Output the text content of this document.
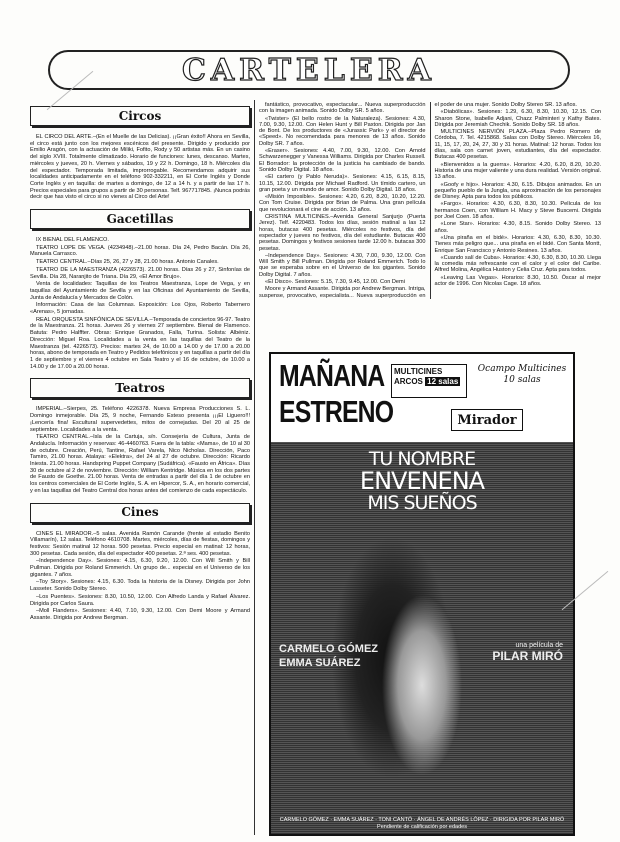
CARTELERA
Circos

EL CIRCO DEL ARTE.–(En el Muelle de las Delicias). ¡¡Gran éxito!! Ahora en Sevilla, el circo está junto con los mejores escénicos del presente. Dirigido y producido por Emilio Aragón, con la actuación de Miliki, Fofito, Rody y 50 artistas más. En un casino del siglo XVIII. Totalmente climatizado. Horario de funciones: lunes, descanso. Martes, miércoles y jueves, 20 h. Viernes y sábados, 19 y 22 h. Domingo, 18 h. Miércoles día del espectador. Temporada limitada, improrrogable. Recomendamos adquirir sus localidades anticipadamente en el teléfono 902-332211, en El Corte Inglés y Donde Corte Inglés y en taquilla: de martes a domingo, de 12 a 14 h. y a partir de las 17 h. Precios especiales para grupos a partir de 30 personas. Telf. 967717845. ¡Nunca podrás decir que has visto el circo si no vienes al Circo del Arte!

Gacetillas

IX BIENAL DEL FLAMENCO.

TEATRO LOPE DE VEGA. (4234948).–21.00 horas. Día 24, Pedro Bacán. Día 26, Manuela Carrasco.

TEATRO CENTRAL.–Días 25, 26, 27 y 28, 21.00 horas. Antonio Canales.

TEATRO DE LA MAESTRANZA (4226573). 21.00 horas. Días 26 y 27, Sinfonías de Sevilla. Día 28, Naranjito de Triana. Día 29, «El Amor Brujo».

Venta de localidades: Taquillas de los Teatros Maestranza, Lope de Vega, y en taquillas del Ayuntamiento de Sevilla y en las Oficinas del Ayuntamiento de Sevilla, Junta de Andalucía y Mercados de Colón.

Información: Casa de las Columnas. Exposición: Los Ojos, Roberto Tabernero «Arenas», 5 jornadas.

REAL ORQUESTA SINFÓNICA DE SEVILLA.–Temporada de conciertos 96-97. Teatro de la Maestranza. 21 horas. Jueves 26 y viernes 27 septiembre. Bienal de Flamenco. Batuta: Pedro Halffter. Obras: Enrique Granados, Falla, Turina. Solista: Albéniz. Dirección: Miguel Roa. Localidades a la venta en las taquillas del Teatro de la Maestranza (tel. 4226573). Precios: martes 24, de 10.00 a 14.00 y de 17.00 a 20.00 horas, abono de temporada en Teatro y Pedidos telefónicos y en taquillas a partir del día 1 de septiembre y el viernes 4 octubre en Sala Teatro y el 16 de octubre, de 10.00 a 14.00 y de 17.00 a 20.00 horas.

Teatros

IMPERIAL.–Sierpes, 25. Teléfono 4226378. Nueva Empresa Producciones S. L. Domingo inmejorable. Día 25, 9 noche, Fernando Esteso presenta ¡¡¡El Liguero!!! ¡Lencería fina! Escultural supervedettes, mitos de cornejadas. Del 20 al 25 de septiembre. Localidades a la venta.

TEATRO CENTRAL.–Isla de la Cartuja, s/n. Consejería de Cultura, Junta de Andalucía. Información y reservas: 46-4460763. Fuera de la tabla: «Mama», de 10 al 30 de octubre. Creación, Perú, Tantine, Rafael Varela, Nico Nicholas. Dirección, Paco Tamiro, 21.00 horas. Atalaya: «Elektra», del 24 al 27 de octubre. Dirección: Ricardo Iniesta. 21.00 horas. Handspring Puppet Company (Sudáfrica). «Fausto en África». Días 30 de octubre al 2 de noviembre. Dirección: William Kentridge. Música en los dos partes de Fausto de Goethe. 21.00 horas. Venta de entradas a partir del día 1 de octubre en los centros comerciales de El Corte Inglés, S. A. en Hipercor, S. A., en horario comercial, y en las taquillas del Teatro Central dos horas antes del comienzo de cada espectáculo.

Cines

CINES EL MIRADOR.–5 salas. Avenida Ramón Carande (frente al estadio Benito Villamarín), 12 salas. Teléfono 4610708. Martes, miércoles, días de fiestas, domingos y festivos: Sesión matinal 12 horas. 500 pesetas. Precio especial en matinal: 12 horas, 300 pesetas. Cada sesión, día del espectador 400 pesetas. 2.ª ses. 400 pesetas.

–Independence Day». Sesiones: 4.15, 6.30, 9.20, 12.00. Con Will Smith y Bill Pullman. Dirigida por Roland Emmerich. Un grupo de... especial en el Universo de los gigantes. 7 años.

–Toy Story». Sesiones: 4.15, 6.30. Toda la historia de la Disney. Dirigida por John Lasseter. Sonido Dolby Stereo.

–Los Puentes». Sesiones: 8.30, 10.50, 12.00. Con Alfredo Landa y Rafael Álvarez. Dirigida por Carlos Saura.

–Moll Flanders». Sesiones: 4.40, 7.10, 9.30, 12.00. Con Demi Moore y Armand Assante. Dirigida por Andrew Bergman.

fantástico, provocativo, espectacular... Nueva superproducción con la imagen animada. Sonido Dolby SR. 5 años.

«Twister» (El bello rostro de la Naturaleza). Sesiones: 4.30, 7.00, 9.30, 12.00. Con Helen Hunt y Bill Paxton. Dirigida por Jan de Bont. De los productores de «Jurassic Park» y el director de «Speed». No recomendada para menores de 13 años. Sonido Dolby SR. 7 años.

«Eraser». Sesiones: 4.40, 7.00, 9.30, 12.00. Con Arnold Schwarzenegger y Vanessa Williams. Dirigida por Charles Russell. El Borrador: la protección de la justicia ha cambiado de bando. Sonido Dolby Digital. 18 años.

«El cartero (y Pablo Neruda)». Sesiones: 4.15, 6.15, 8.15, 10.15, 12.00. Dirigida por Michael Radford. Un tímido cartero, un gran poeta y un mundo de amor. Sonido Dolby Digital. 18 años.

«Misión Imposible». Sesiones: 4.20, 6.20, 8.20, 10.20, 12.20. Con Tom Cruise. Dirigida por Brian de Palma. Una gran película que revolucionará el cine de acción. 13 años.

CRISTINA MULTICINES.–Avenida General Sanjurjo (Puerta Jerez). Telf. 4220483. Todos los días, sesión matinal a las 12 horas, butacas 400 pesetas. Miércoles no festivos, día del espectador y jueves no festivos, día del estudiante. Butacas 400 pesetas. Domingos y festivos sesiones tarde 12.00 h. butacas 300 pesetas.

–Independence Day». Sesiones: 4.30, 7.00, 9.30, 12.00. Con Will Smith y Bill Pullman. Dirigida por Roland Emmerich. Todo lo que se esperaba sobre en el Universo de los gigantes. Sonido Dolby Digital. 7 años.

«El Disco». Sesiones: 5.15, 7.30, 9.45, 12.00. Con Demi

Moore y Armand Assante. Dirigida por Andrew Bergman. Intriga, suspense, provocativo, especialista... Nueva superproducción en el poder de una mujer. Sonido Dolby Stereo SR. 13 años.

«Diabólicas». Sesiones: 1.29, 6.30, 8.30, 10.30, 12.15. Con Sharon Stone, Isabelle Adjani, Chazz Palminteri y Kathy Bates. Dirigida por Jeremiah Chechik. Sonido Dolby SR. 18 años.

MULTICINES NERVIÓN PLAZA.–Plaza Pedro Romero de Córdoba, 7. Tel. 4215868. Salas con Dolby Stereo. Miércoles 16, 11, 15, 17, 20, 24, 27, 30 y 31 horas. Matinal: 12 horas. Todos los días, sala con carnet joven, estudiantes, día del espectador. Butacas 400 pesetas.

«Bienvenidos a la guerra». Horarios: 4.20, 6.20, 8.20, 10.20. Historia de una mujer valiente y una dura realidad. Versión original. 13 años.

«Goofy e hijo». Horarios: 4.30, 6.15. Dibujos animados. En un pequeño pueblo de la Jungla, una aproximación de los personajes de Disney. Apta para todos los públicos.

«Fargo». Horarios: 4.30, 6.30, 8.30, 10.30. Película de los hermanos Coen, con William H. Macy y Steve Buscemi. Dirigida por Joel Coen. 18 años.

«Lone Star». Horarios: 4.30, 8.15. Sonido Dolby Stereo. 13 años.

«Una piraña en el bidé». Horarios: 4.30, 6.30, 8.30, 10.30. Tienes más peligro que... una piraña en el bidé. Con Santa Montt, Enrique San Francisco y Antonio Resines. 13 años.

«Cuando salí de Cuba». Horarios: 4.30, 6.30, 8.30, 10.30. Llega la comedia más refrescante con el calor y el color del Caribe. Alfred Molina, Angélica Huston y Celia Cruz. Apta para todos.

«Leaving Las Vegas». Horarios: 8.30, 10.50. Óscar al mejor actor de 1996. Con Nicolas Cage. 18 años.

MAÑANA
ESTRENO
MULTICINES ARCOS 12 salas
Ocampo Multicines 10 salas
Mirador
TU NOMBRE
ENVENENA
MIS SUEÑOS
CARMELO GÓMEZ
EMMA SUÁREZ
una película de
PILAR MIRÓ
CARMELO GÓMEZ · EMMA SUÁREZ · TONI CANTÓ · ÁNGEL DE ANDRÉS LÓPEZ · DIRIGIDA POR PILAR MIRÓ
Pendiente de calificación por edades
